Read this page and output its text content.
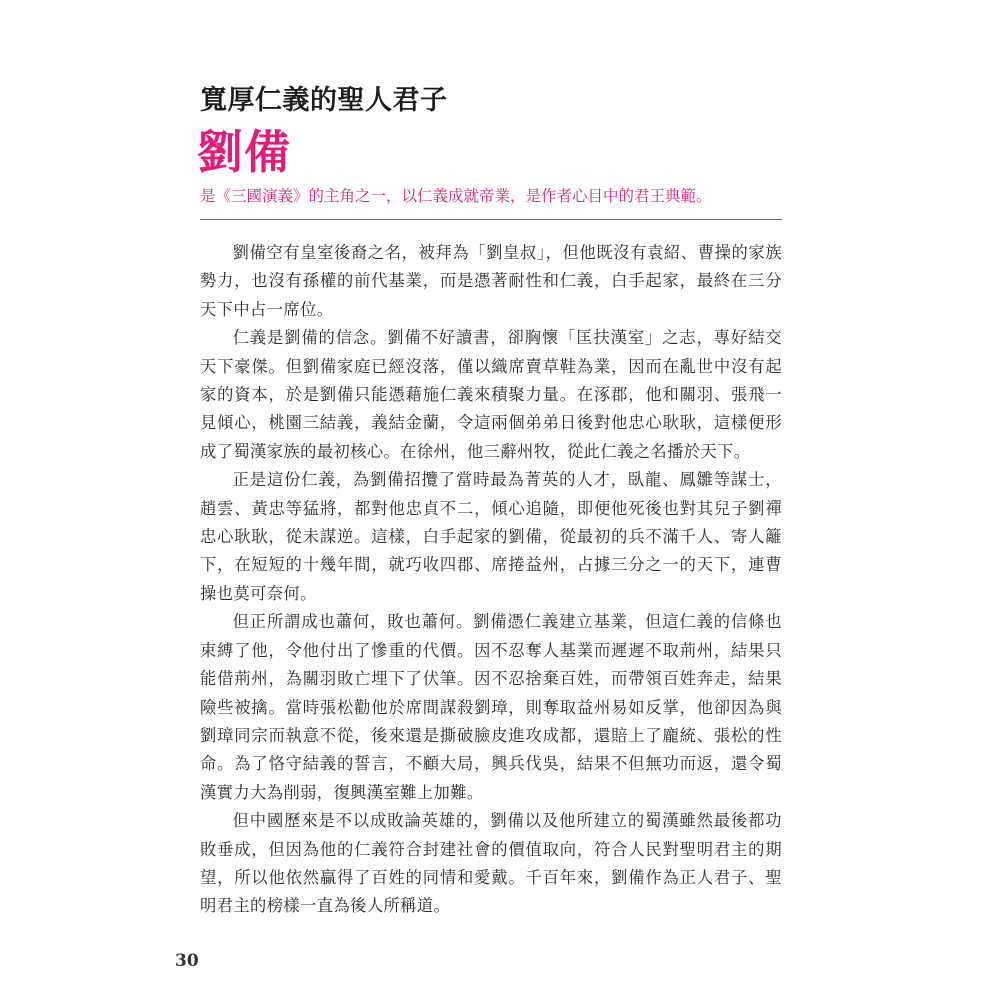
寬厚仁義的聖人君子
劉備
是《三國演義》的主角之一，以仁義成就帝業，是作者心目中的君王典範。

劉備空有皇室後裔之名，被拜為「劉皇叔」，但他既沒有袁紹、曹操的家族勢力，也沒有孫權的前代基業，而是憑著耐性和仁義，白手起家，最終在三分天下中占一席位。

仁義是劉備的信念。劉備不好讀書，卻胸懷「匡扶漢室」之志，專好結交天下豪傑。但劉備家庭已經沒落，僅以織席賣草鞋為業，因而在亂世中沒有起家的資本，於是劉備只能憑藉施仁義來積聚力量。在涿郡，他和關羽、張飛一見傾心，桃園三結義，義結金蘭，令這兩個弟弟日後對他忠心耿耿，這樣便形成了蜀漢家族的最初核心。在徐州，他三辭州牧，從此仁義之名播於天下。

正是這份仁義，為劉備招攬了當時最為菁英的人才，臥龍、鳳雛等謀士，趙雲、黃忠等猛將，都對他忠貞不二，傾心追隨，即便他死後也對其兒子劉禪忠心耿耿，從未謀逆。這樣，白手起家的劉備，從最初的兵不滿千人、寄人籬下，在短短的十幾年間，就巧收四郡、席捲益州，占據三分之一的天下，連曹操也莫可奈何。

但正所謂成也蕭何，敗也蕭何。劉備憑仁義建立基業，但這仁義的信條也束縛了他，令他付出了慘重的代價。因不忍奪人基業而遲遲不取荊州，結果只能借荊州，為關羽敗亡埋下了伏筆。因不忍捨棄百姓，而帶領百姓奔走，結果險些被擒。當時張松勸他於席間謀殺劉璋，則奪取益州易如反掌，他卻因為與劉璋同宗而執意不從，後來還是撕破臉皮進攻成都，還賠上了龐統、張松的性命。為了恪守結義的誓言，不顧大局，興兵伐吳，結果不但無功而返，還令蜀漢實力大為削弱，復興漢室難上加難。

但中國歷來是不以成敗論英雄的，劉備以及他所建立的蜀漢雖然最後都功敗垂成，但因為他的仁義符合封建社會的價值取向，符合人民對聖明君主的期望，所以他依然贏得了百姓的同情和愛戴。千百年來，劉備作為正人君子、聖明君主的榜樣一直為後人所稱道。

30
